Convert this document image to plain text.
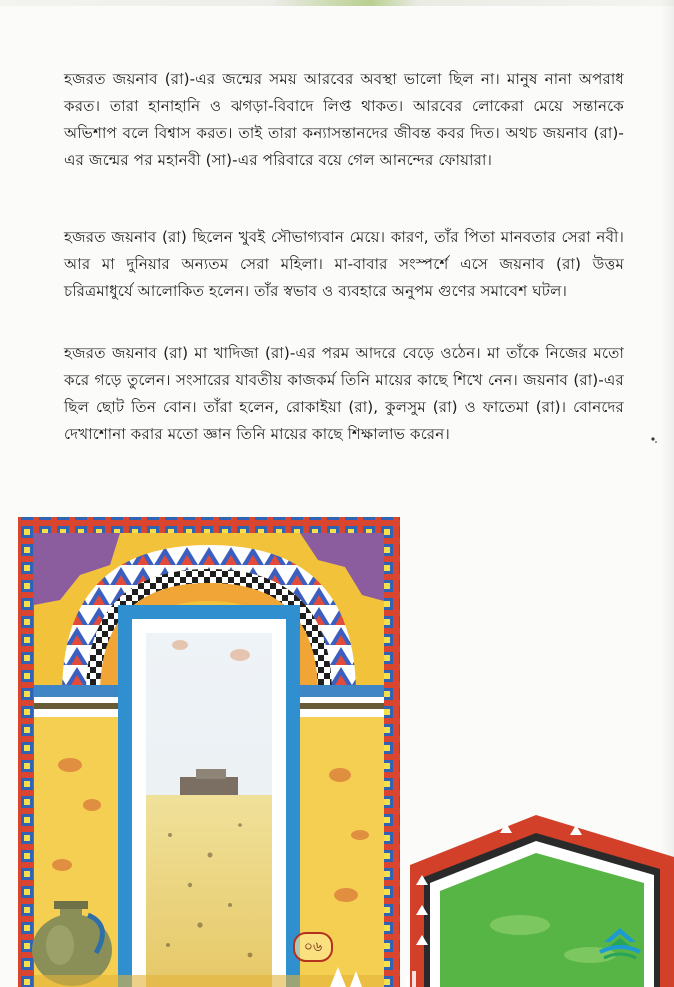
হজরত জয়নাব (রা)-এর জন্মের সময় আরবের অবস্থা ভালো ছিল না। মানুষ নানা অপরাধ করত। তারা হানাহানি ও ঝগড়া-বিবাদে লিপ্ত থাকত। আরবের লোকেরা মেয়ে সন্তানকে অভিশাপ বলে বিশ্বাস করত। তাই তারা কন্যাসন্তানদের জীবন্ত কবর দিত। অথচ জয়নাব (রা)-এর জন্মের পর মহানবী (সা)-এর পরিবারে বয়ে গেল আনন্দের ফোয়ারা।

হজরত জয়নাব (রা) ছিলেন খুবই সৌভাগ্যবান মেয়ে। কারণ, তাঁর পিতা মানবতার সেরা নবী। আর মা দুনিয়ার অন্যতম সেরা মহিলা। মা-বাবার সংস্পর্শে এসে জয়নাব (রা) উত্তম চরিত্রমাধুর্যে আলোকিত হলেন। তাঁর স্বভাব ও ব্যবহারে অনুপম গুণের সমাবেশ ঘটল।

হজরত জয়নাব (রা) মা খাদিজা (রা)-এর পরম আদরে বেড়ে ওঠেন। মা তাঁকে নিজের মতো করে গড়ে তুলেন। সংসারের যাবতীয় কাজকর্ম তিনি মায়ের কাছে শিখে নেন। জয়নাব (রা)-এর ছিল ছোট তিন বোন। তাঁরা হলেন, রোকাইয়া (রা), কুলসুম (রা) ও ফাতেমা (রা)। বোনদের দেখাশোনা করার মতো জ্ঞান তিনি মায়ের কাছে শিক্ষালাভ করেন।

০৬
